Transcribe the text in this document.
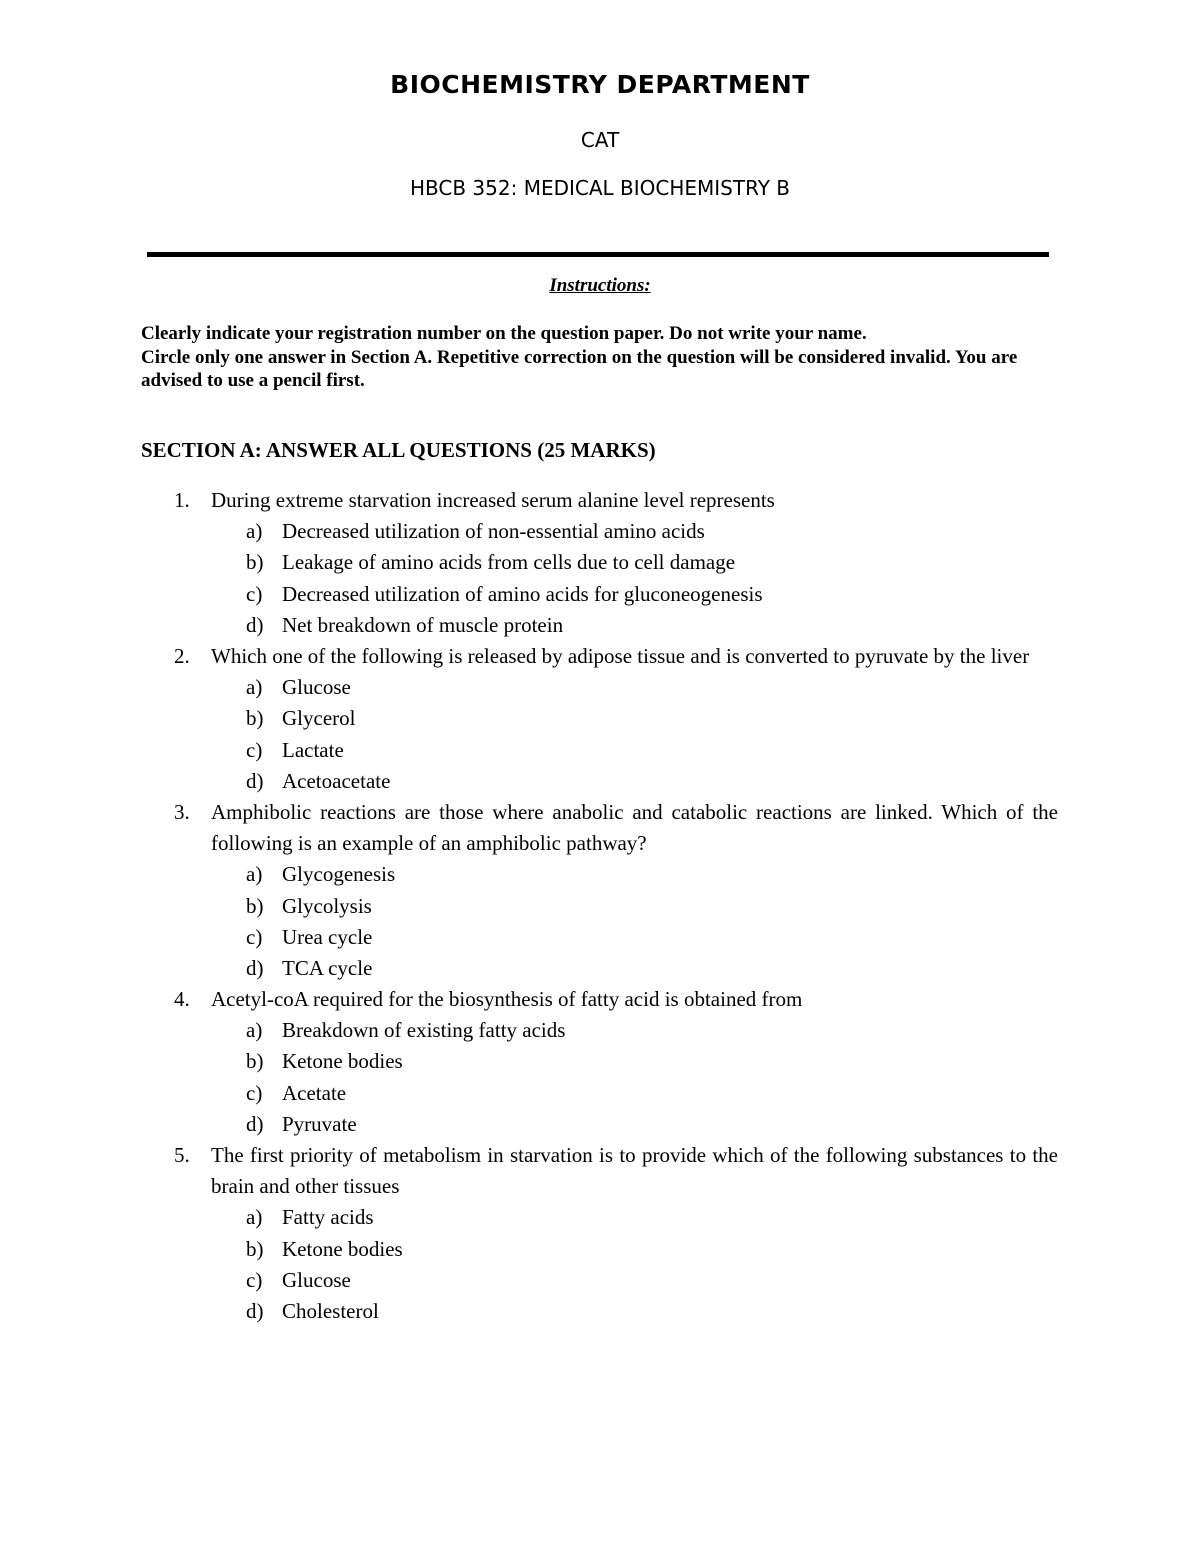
BIOCHEMISTRY DEPARTMENT
CAT
HBCB 352: MEDICAL BIOCHEMISTRY B
Instructions:

Clearly indicate your registration number on the question paper. Do not write your name.

Circle only one answer in Section A. Repetitive correction on the question will be considered invalid. You are advised to use a pencil first.

SECTION A: ANSWER ALL QUESTIONS (25 MARKS)
1. During extreme starvation increased serum alanine level represents
a) Decreased utilization of non-essential amino acids
b) Leakage of amino acids from cells due to cell damage
c) Decreased utilization of amino acids for gluconeogenesis
d) Net breakdown of muscle protein
2. Which one of the following is released by adipose tissue and is converted to pyruvate by the liver
a) Glucose
b) Glycerol
c) Lactate
d) Acetoacetate
3. Amphibolic reactions are those where anabolic and catabolic reactions are linked. Which of the following is an example of an amphibolic pathway?
a) Glycogenesis
b) Glycolysis
c) Urea cycle
d) TCA cycle
4. Acetyl-coA required for the biosynthesis of fatty acid is obtained from
a) Breakdown of existing fatty acids
b) Ketone bodies
c) Acetate
d) Pyruvate
5. The first priority of metabolism in starvation is to provide which of the following substances to the brain and other tissues
a) Fatty acids
b) Ketone bodies
c) Glucose
d) Cholesterol
